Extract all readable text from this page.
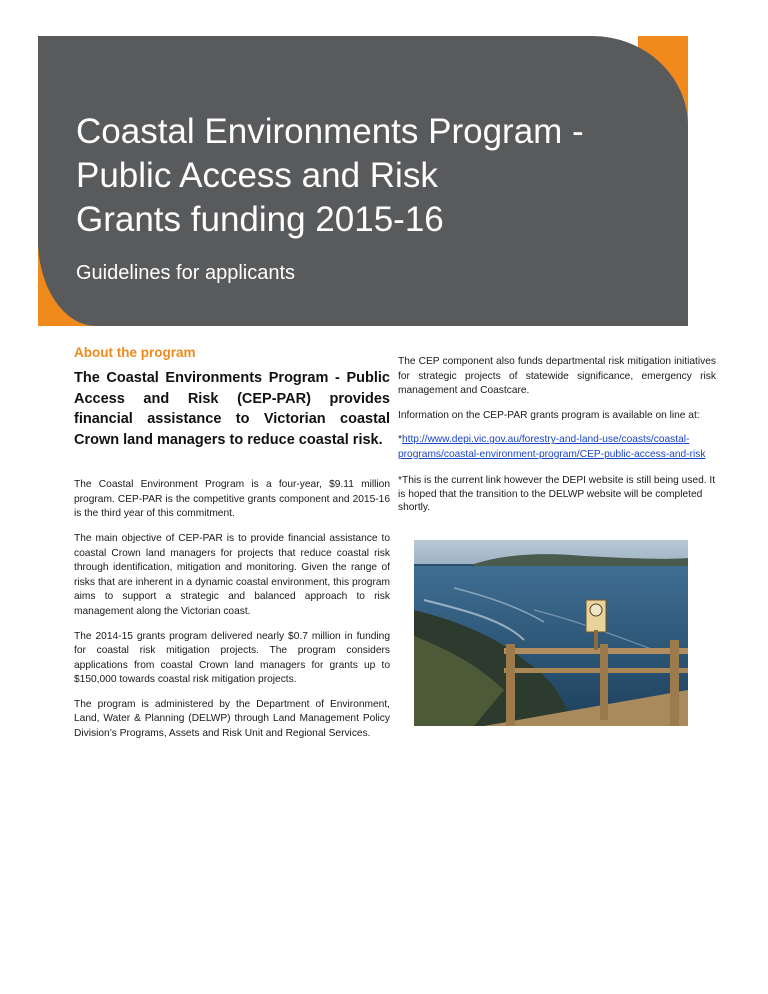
Coastal Environments Program -
Public Access and Risk
Grants funding 2015-16
Guidelines for applicants
About the program

The Coastal Environments Program - Public Access and Risk (CEP-PAR) provides financial assistance to Victorian coastal Crown land managers to reduce coastal risk.

The Coastal Environment Program is a four-year, $9.11 million program. CEP-PAR is the competitive grants component and 2015-16 is the third year of this commitment.

The main objective of CEP-PAR is to provide financial assistance to coastal Crown land managers for projects that reduce coastal risk through identification, mitigation and monitoring. Given the range of risks that are inherent in a dynamic coastal environment, this program aims to support a strategic and balanced approach to risk management along the Victorian coast.

The 2014-15 grants program delivered nearly $0.7 million in funding for coastal risk mitigation projects. The program considers applications from coastal Crown land managers for grants up to $150,000 towards coastal risk mitigation projects.

The program is administered by the Department of Environment, Land, Water & Planning (DELWP) through Land Management Policy Division’s Programs, Assets and Risk Unit and Regional Services.

The CEP component also funds departmental risk mitigation initiatives for strategic projects of statewide significance, emergency risk management and Coastcare.

Information on the CEP-PAR grants program is available on line at:

*http://www.depi.vic.gov.au/forestry-and-land-use/coasts/coastal-programs/coastal-environment-program/CEP-public-access-and-risk

*This is the current link however the DEPI website is still being used. It is hoped that the transition to the DELWP website will be completed shortly.
